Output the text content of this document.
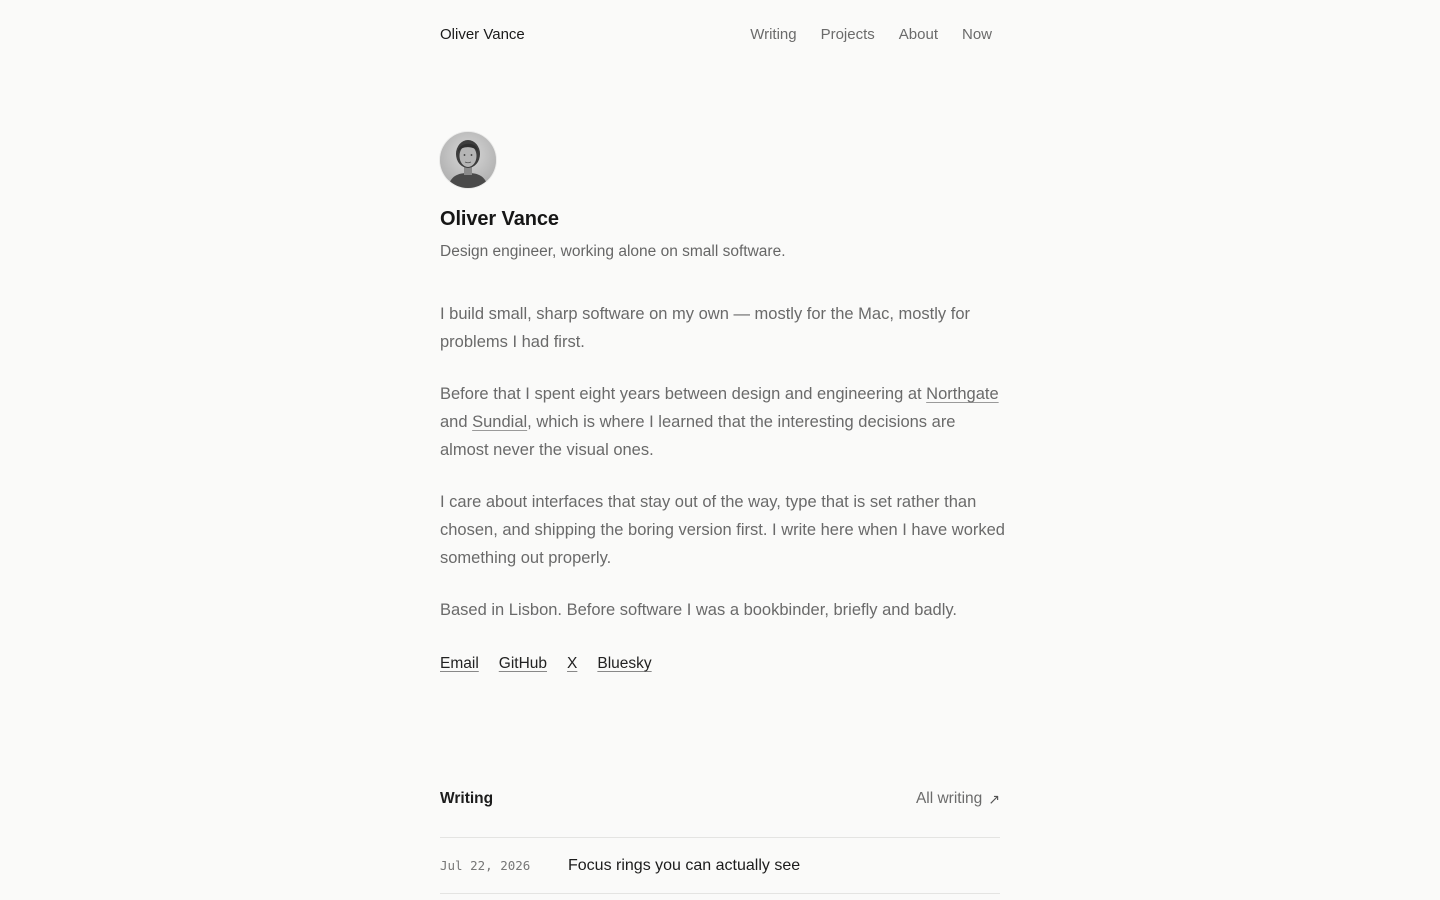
Oliver Vance	Writing Projects About Now
Oliver Vance

Design engineer, working alone on small software.

I build small, sharp software on my own — mostly for the Mac, mostly for problems I had first.

Before that I spent eight years between design and engineering at Northgate and Sundial, which is where I learned that the interesting decisions are almost never the visual ones.

I care about interfaces that stay out of the way, type that is set rather than chosen, and shipping the boring version first. I write here when I have worked something out properly.

Based in Lisbon. Before software I was a bookbinder, briefly and badly.

Email GitHub X Bluesky
Writing	All writing ↗
Jul 22, 2026	Focus rings you can actually see
